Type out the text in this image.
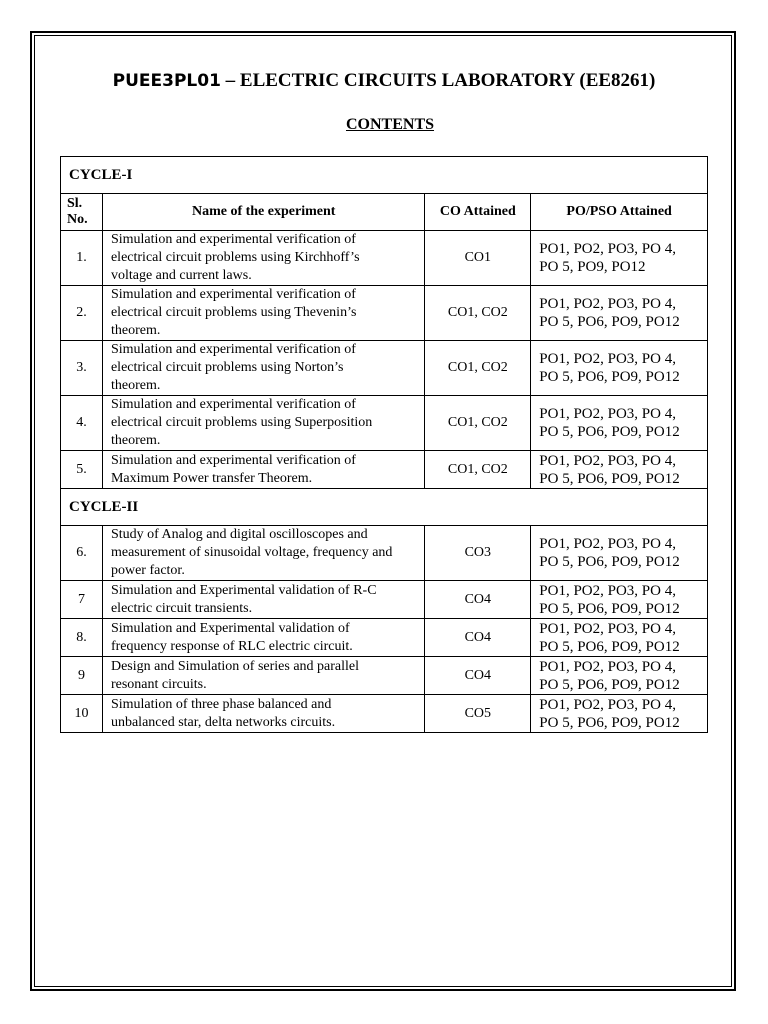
PUEE3PL01 – ELECTRIC CIRCUITS LABORATORY (EE8261)
CONTENTS
CYCLE-I			
Sl.
No.	Name of the experiment	CO Attained	PO/PSO Attained
1.	Simulation and experimental verification of
electrical circuit problems using Kirchhoff’s
voltage and current laws.	CO1	PO1, PO2, PO3, PO 4,
PO 5, PO9, PO12
2.	Simulation and experimental verification of
electrical circuit problems using Thevenin’s
theorem.	CO1, CO2	PO1, PO2, PO3, PO 4,
PO 5, PO6, PO9, PO12
3.	Simulation and experimental verification of
electrical circuit problems using Norton’s
theorem.	CO1, CO2	PO1, PO2, PO3, PO 4,
PO 5, PO6, PO9, PO12
4.	Simulation and experimental verification of
electrical circuit problems using Superposition
theorem.	CO1, CO2	PO1, PO2, PO3, PO 4,
PO 5, PO6, PO9, PO12
5.	Simulation and experimental verification of
Maximum Power transfer Theorem.	CO1, CO2	PO1, PO2, PO3, PO 4,
PO 5, PO6, PO9, PO12
CYCLE-II			
6.	Study of Analog and digital oscilloscopes and
measurement of sinusoidal voltage, frequency and
power factor.	CO3	PO1, PO2, PO3, PO 4,
PO 5, PO6, PO9, PO12
7	Simulation and Experimental validation of R-C
electric circuit transients.	CO4	PO1, PO2, PO3, PO 4,
PO 5, PO6, PO9, PO12
8.	Simulation and Experimental validation of
frequency response of RLC electric circuit.	CO4	PO1, PO2, PO3, PO 4,
PO 5, PO6, PO9, PO12
9	Design and Simulation of series and parallel
resonant circuits.	CO4	PO1, PO2, PO3, PO 4,
PO 5, PO6, PO9, PO12
10	Simulation of three phase balanced and
unbalanced star, delta networks circuits.	CO5	PO1, PO2, PO3, PO 4,
PO 5, PO6, PO9, PO12
